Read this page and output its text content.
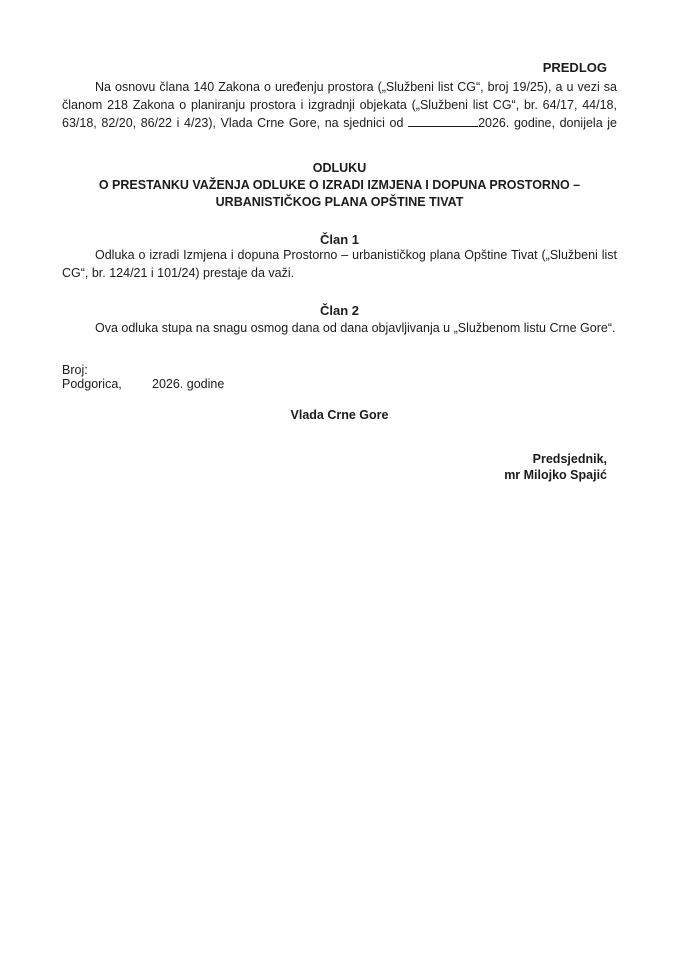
PREDLOG
Na osnovu člana 140 Zakona o uređenju prostora („Službeni list CG“, broj 19/25), a u vezi sa
članom 218 Zakona o planiranju prostora i izgradnji objekata („Službeni list CG“, br. 64/17, 44/18,
63/18, 82/20, 86/22 i 4/23), Vlada Crne Gore, na sjednici od	2026. godine, donijela je
ODLUKU
O PRESTANKU VAŽENJA ODLUKE O IZRADI IZMJENA I DOPUNA PROSTORNO –
URBANISTIČKOG PLANA OPŠTINE TIVAT
Član 1
Odluka o izradi Izmjena i dopuna Prostorno – urbanističkog plana Opštine Tivat („Službeni list
CG“, br. 124/21 i 101/24) prestaje da važi.
Član 2
Ova odluka stupa na snagu osmog dana od dana objavljivanja u „Službenom listu Crne Gore“.
Broj:
Podgorica, 2026. godine
Vlada Crne Gore
Predsjednik,
mr Milojko Spajić
